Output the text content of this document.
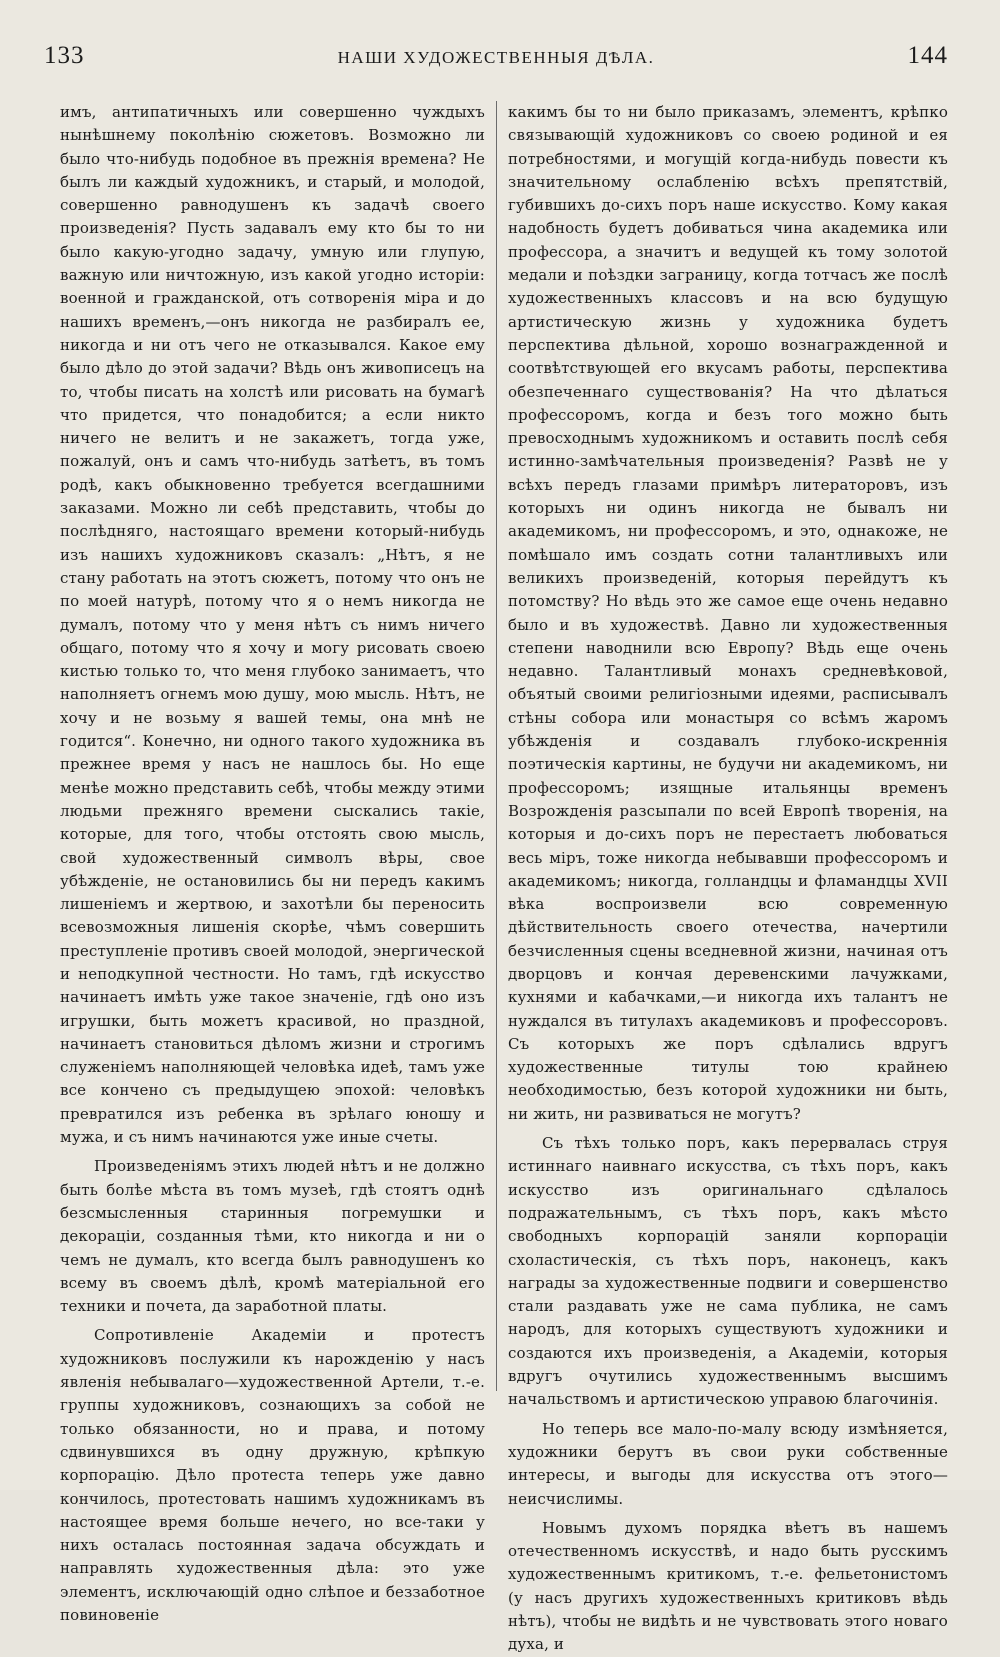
133	НАШИ ХУДОЖЕСТВЕННЫЯ ДѢЛА.	144

имъ, антипатичныхъ или совершенно чуждыхъ нынѣшнему поколѣнію сюжетовъ. Возможно ли было что-нибудь подобное въ прежнія времена? Не былъ ли каждый художникъ, и старый, и молодой, совершенно равнодушенъ къ задачѣ своего произведенія? Пусть задавалъ ему кто бы то ни было какую-угодно задачу, умную или глупую, важную или ничтожную, изъ какой угодно исторіи: военной и гражданской, отъ сотворенія міра и до нашихъ временъ,—онъ никогда не разбиралъ ее, никогда и ни отъ чего не отказывался. Какое ему было дѣло до этой задачи? Вѣдь онъ живописецъ на то, чтобы писать на холстѣ или рисовать на бумагѣ что придется, что понадобится; а если никто ничего не велитъ и не закажетъ, тогда уже, пожалуй, онъ и самъ что-нибудь затѣетъ, въ томъ родѣ, какъ обыкновенно требуется всегдашними заказами. Можно ли себѣ представить, чтобы до послѣдняго, настоящаго времени который-нибудь изъ нашихъ художниковъ сказалъ: „Нѣтъ, я не стану работать на этотъ сюжетъ, потому что онъ не по моей натурѣ, потому что я о немъ никогда не думалъ, потому что у меня нѣтъ съ нимъ ничего общаго, потому что я хочу и могу рисовать своею кистью только то, что меня глубоко занимаетъ, что наполняетъ огнемъ мою душу, мою мысль. Нѣтъ, не хочу и не возьму я вашей темы, она мнѣ не годится“. Конечно, ни одного такого художника въ прежнее время у насъ не нашлось бы. Но еще менѣе можно представить себѣ, чтобы между этими людьми прежняго времени сыскались такіе, которые, для того, чтобы отстоять свою мысль, свой художественный символъ вѣры, свое убѣжденіе, не остановились бы ни передъ какимъ лишеніемъ и жертвою, и захотѣли бы переносить всевозможныя лишенія скорѣе, чѣмъ совершить преступленіе противъ своей молодой, энергической и неподкупной честности. Но тамъ, гдѣ искусство начинаетъ имѣть уже такое значеніе, гдѣ оно изъ игрушки, быть можетъ красивой, но праздной, начинаетъ становиться дѣломъ жизни и строгимъ служеніемъ наполняющей человѣка идеѣ, тамъ уже все кончено съ предыдущею эпохой: человѣкъ превратился изъ ребенка въ зрѣлаго юношу и мужа, и съ нимъ начинаются уже иные счеты.

Произведеніямъ этихъ людей нѣтъ и не должно быть болѣе мѣста въ томъ музеѣ, гдѣ стоятъ однѣ безсмысленныя старинныя погремушки и декораціи, созданныя тѣми, кто никогда и ни о чемъ не думалъ, кто всегда былъ равнодушенъ ко всему въ своемъ дѣлѣ, кромѣ матеріальной его техники и почета, да заработной платы.

Сопротивленіе Академіи и протестъ художниковъ послужили къ нарожденію у насъ явленія небывалаго—художественной Артели, т.-е. группы художниковъ, сознающихъ за собой не только обязанности, но и права, и потому сдвинувшихся въ одну дружную, крѣпкую корпорацію. Дѣло протеста теперь уже давно кончилось, протестовать нашимъ художникамъ въ настоящее время больше нечего, но все-таки у нихъ осталась постоянная задача обсуждать и направлять художественныя дѣла: это уже элементъ, исключающій одно слѣпое и беззаботное повиновеніе

какимъ бы то ни было приказамъ, элементъ, крѣпко связывающій художниковъ со своею родиной и ея потребностями, и могущій когда-нибудь повести къ значительному ослабленію всѣхъ препятствій, губившихъ до-сихъ поръ наше искусство. Кому какая надобность будетъ добиваться чина академика или профессора, а значитъ и ведущей къ тому золотой медали и поѣздки заграницу, когда тотчасъ же послѣ художественныхъ классовъ и на всю будущую артистическую жизнь у художника будетъ перспектива дѣльной, хорошо вознагражденной и соотвѣтствующей его вкусамъ работы, перспектива обезпеченнаго существованія? На что дѣлаться профессоромъ, когда и безъ того можно быть превосходнымъ художникомъ и оставить послѣ себя истинно-замѣчательныя произведенія? Развѣ не у всѣхъ передъ глазами примѣръ литераторовъ, изъ которыхъ ни одинъ никогда не бывалъ ни академикомъ, ни профессоромъ, и это, однакоже, не помѣшало имъ создать сотни талантливыхъ или великихъ произведеній, которыя перейдутъ къ потомству? Но вѣдь это же самое еще очень недавно было и въ художествѣ. Давно ли художественныя степени наводнили всю Европу? Вѣдь еще очень недавно. Талантливый монахъ средневѣковой, объятый своими религіозными идеями, расписывалъ стѣны собора или монастыря со всѣмъ жаромъ убѣжденія и создавалъ глубоко-искреннія поэтическія картины, не будучи ни академикомъ, ни профессоромъ; изящные итальянцы временъ Возрожденія разсыпали по всей Европѣ творенія, на которыя и до-сихъ поръ не перестаетъ любоваться весь міръ, тоже никогда небывавши профессоромъ и академикомъ; никогда, голландцы и фламандцы XVII вѣка воспроизвели всю современную дѣйствительность своего отечества, начертили безчисленныя сцены вседневной жизни, начиная отъ дворцовъ и кончая деревенскими лачужками, кухнями и кабачками,—и никогда ихъ талантъ не нуждался въ титулахъ академиковъ и профессоровъ. Съ которыхъ же поръ сдѣлались вдругъ художественные титулы тою крайнею необходимостью, безъ которой художники ни быть, ни жить, ни развиваться не могутъ?

Съ тѣхъ только поръ, какъ перервалась струя истиннаго наивнаго искусства, съ тѣхъ поръ, какъ искусство изъ оригинальнаго сдѣлалось подражательнымъ, съ тѣхъ поръ, какъ мѣсто свободныхъ корпорацій заняли корпораціи схоластическія, съ тѣхъ поръ, наконецъ, какъ награды за художественные подвиги и совершенство стали раздавать уже не сама публика, не самъ народъ, для которыхъ существуютъ художники и создаются ихъ произведенія, а Академіи, которыя вдругъ очутились художественнымъ высшимъ начальствомъ и артистическою управою благочинія.

Но теперь все мало-по-малу всюду измѣняется, художники берутъ въ свои руки собственные интересы, и выгоды для искусства отъ этого—неисчислимы.

Новымъ духомъ порядка вѣетъ въ нашемъ отечественномъ искусствѣ, и надо быть русскимъ художественнымъ критикомъ, т.-е. фельетонистомъ (у насъ другихъ художественныхъ критиковъ вѣдь нѣтъ), чтобы не видѣть и не чувствовать этого новаго духа, и
